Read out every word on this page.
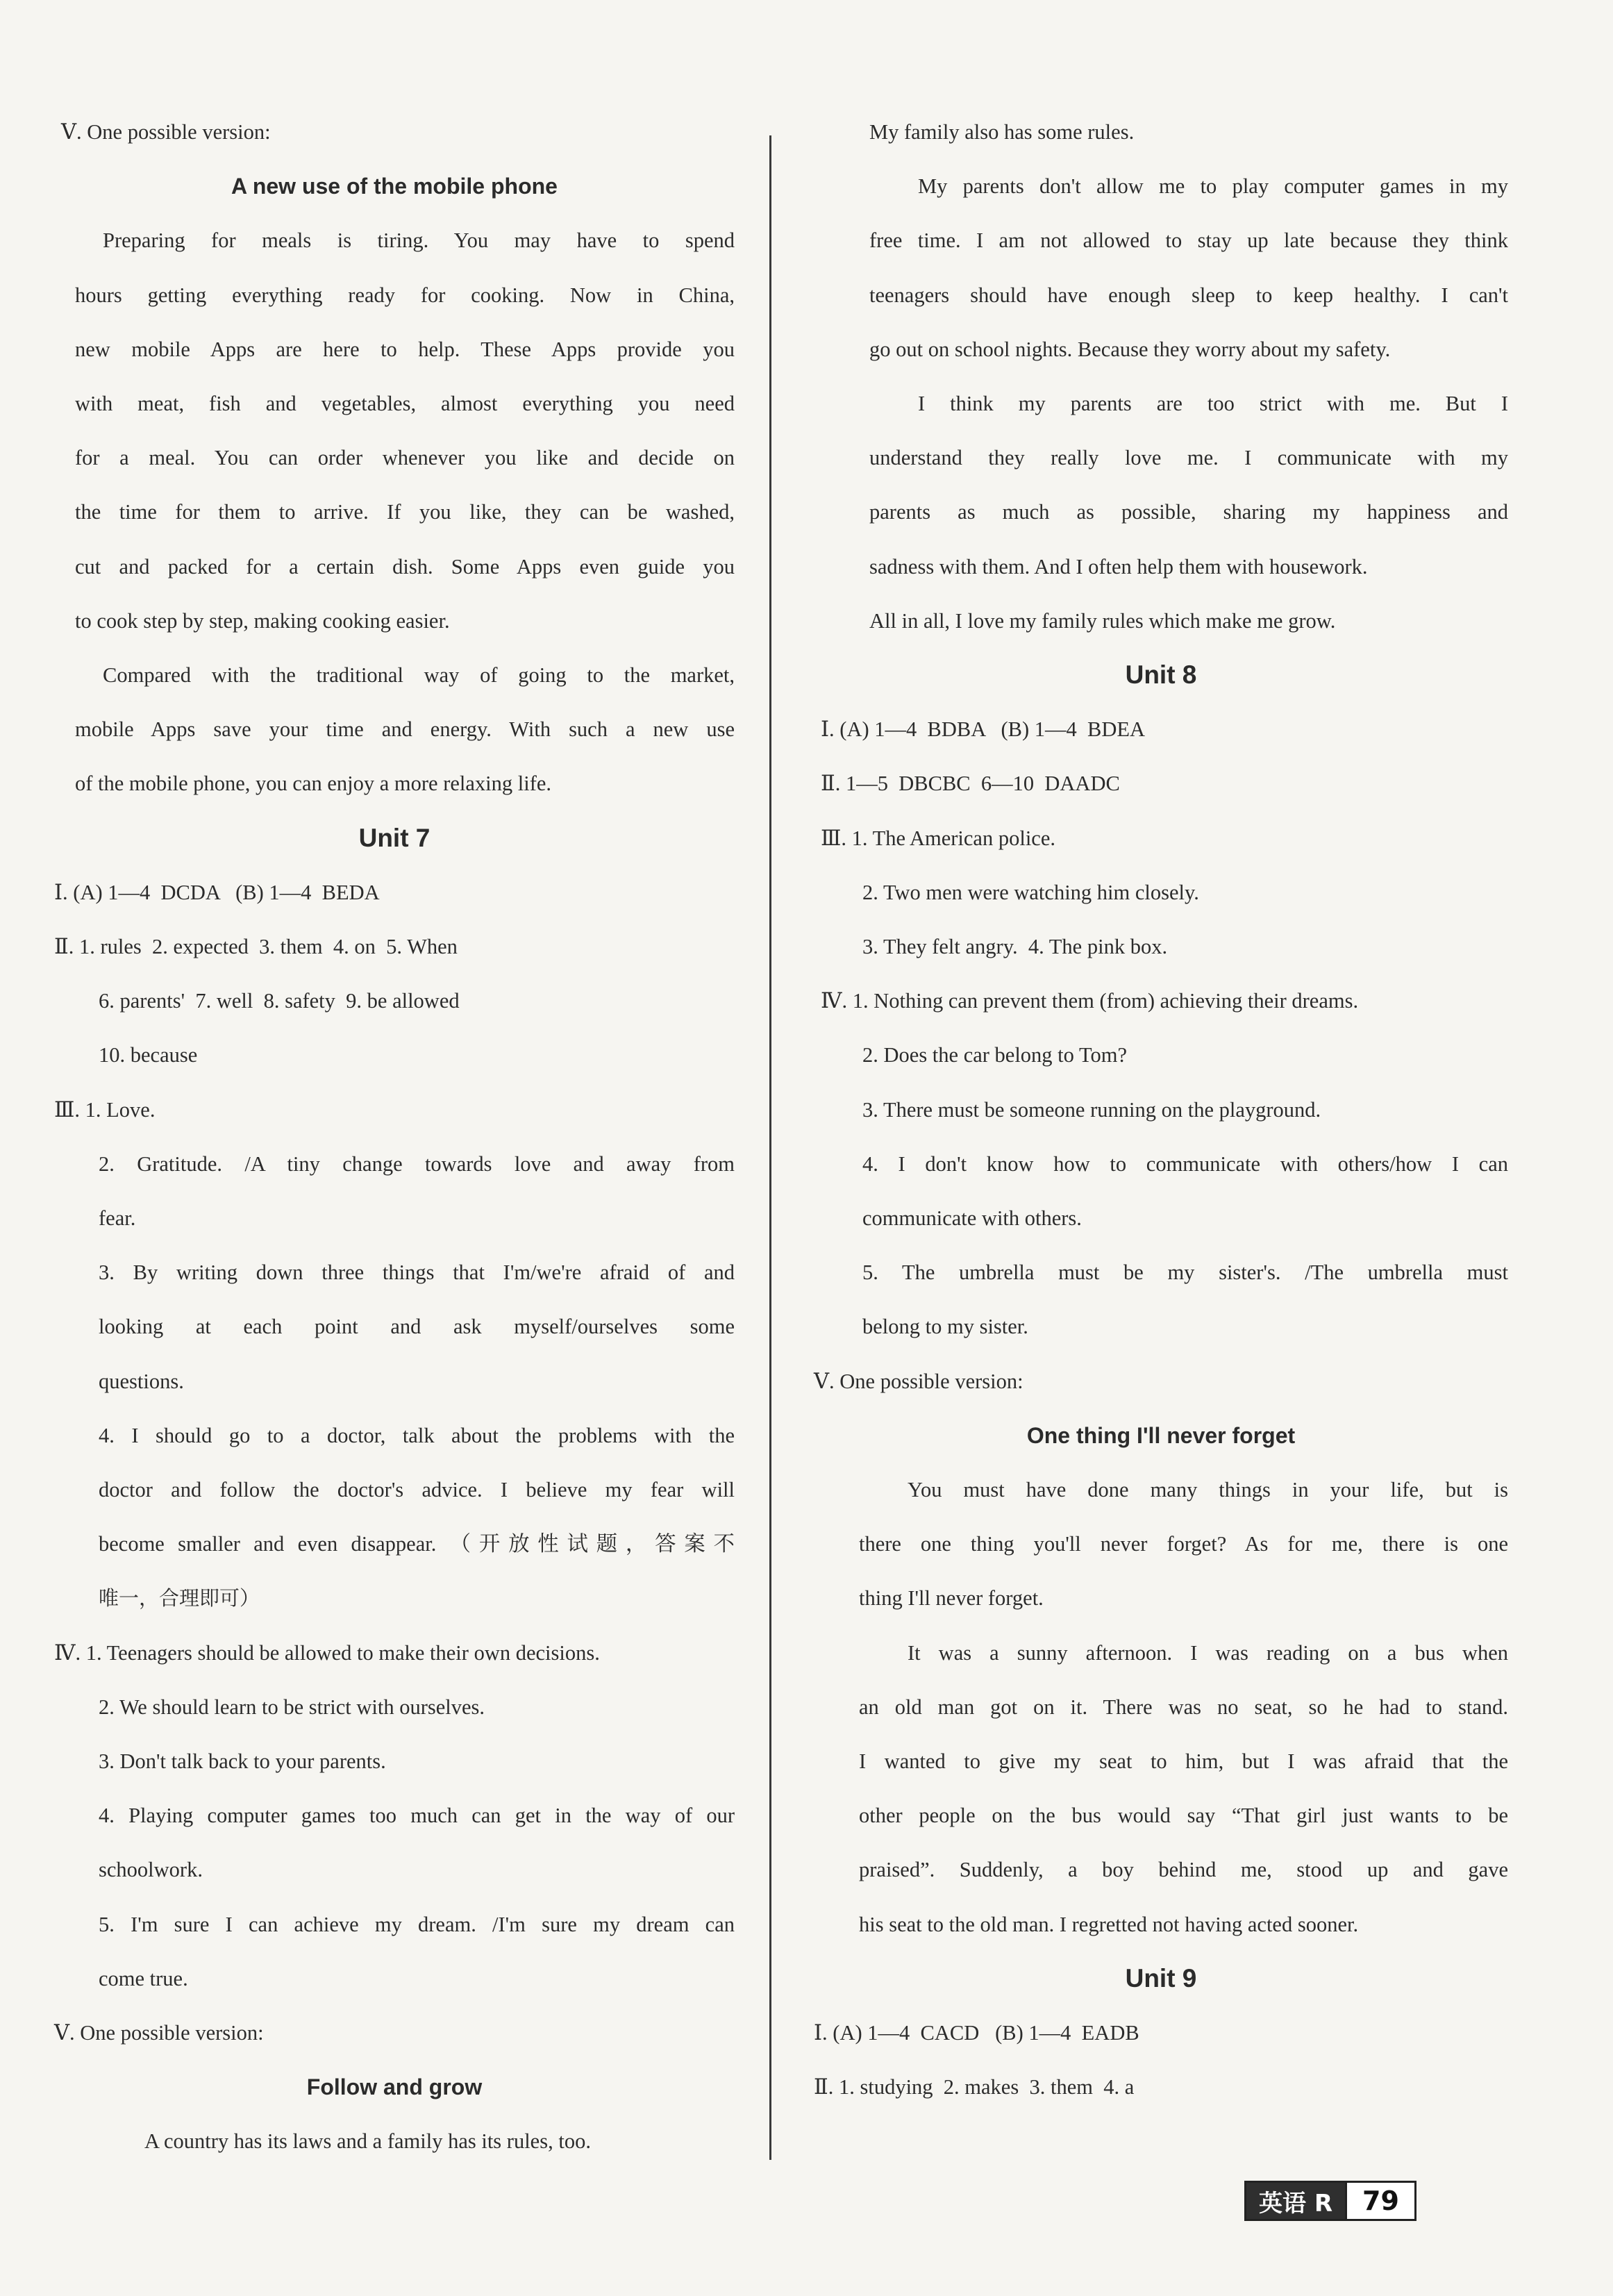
Ⅴ. One possible version:
A new use of the mobile phone
Preparing for meals is tiring. You may have to spend
hours getting everything ready for cooking. Now in China,
new mobile Apps are here to help. These Apps provide you
with meat, fish and vegetables, almost everything you need
for a meal. You can order whenever you like and decide on
the time for them to arrive. If you like, they can be washed,
cut and packed for a certain dish. Some Apps even guide you
to cook step by step, making cooking easier.
Compared with the traditional way of going to the market,
mobile Apps save your time and energy. With such a new use
of the mobile phone, you can enjoy a more relaxing life.
Unit 7
Ⅰ. (A) 1—4  DCDA   (B) 1—4  BEDA
Ⅱ. 1. rules  2. expected  3. them  4. on  5. When
6. parents'  7. well  8. safety  9. be allowed
10. because
Ⅲ. 1. Love.
2. Gratitude. /A tiny change towards love and away from
fear.
3. By writing down three things that I'm/we're afraid of and
looking at each point and ask myself/ourselves some
questions.
4. I should go to a doctor, talk about the problems with the
doctor and follow the doctor's advice. I believe my fear will
become smaller and even disappear. （开放性试题，答案不
唯一，合理即可）
Ⅳ. 1. Teenagers should be allowed to make their own decisions.
2. We should learn to be strict with ourselves.
3. Don't talk back to your parents.
4. Playing computer games too much can get in the way of our
schoolwork.
5. I'm sure I can achieve my dream. /I'm sure my dream can
come true.
Ⅴ. One possible version:
Follow and grow
A country has its laws and a family has its rules, too.
My family also has some rules.
My parents don't allow me to play computer games in my
free time. I am not allowed to stay up late because they think
teenagers should have enough sleep to keep healthy. I can't
go out on school nights. Because they worry about my safety.
I think my parents are too strict with me. But I
understand they really love me. I communicate with my
parents as much as possible, sharing my happiness and
sadness with them. And I often help them with housework.
All in all, I love my family rules which make me grow.
Unit 8
Ⅰ. (A) 1—4  BDBA   (B) 1—4  BDEA
Ⅱ. 1—5  DBCBC  6—10  DAADC
Ⅲ. 1. The American police.
2. Two men were watching him closely.
3. They felt angry.  4. The pink box.
Ⅳ. 1. Nothing can prevent them (from) achieving their dreams.
2. Does the car belong to Tom?
3. There must be someone running on the playground.
4. I don't know how to communicate with others/how I can
communicate with others.
5. The umbrella must be my sister's. /The umbrella must
belong to my sister.
Ⅴ. One possible version:
One thing I'll never forget
You must have done many things in your life, but is
there one thing you'll never forget? As for me, there is one
thing I'll never forget.
It was a sunny afternoon. I was reading on a bus when
an old man got on it. There was no seat, so he had to stand.
I wanted to give my seat to him, but I was afraid that the
other people on the bus would say “That girl just wants to be
praised”. Suddenly, a boy behind me, stood up and gave
his seat to the old man. I regretted not having acted sooner.
Unit 9
Ⅰ. (A) 1—4  CACD   (B) 1—4  EADB
Ⅱ. 1. studying  2. makes  3. them  4. a
英语 R	79
